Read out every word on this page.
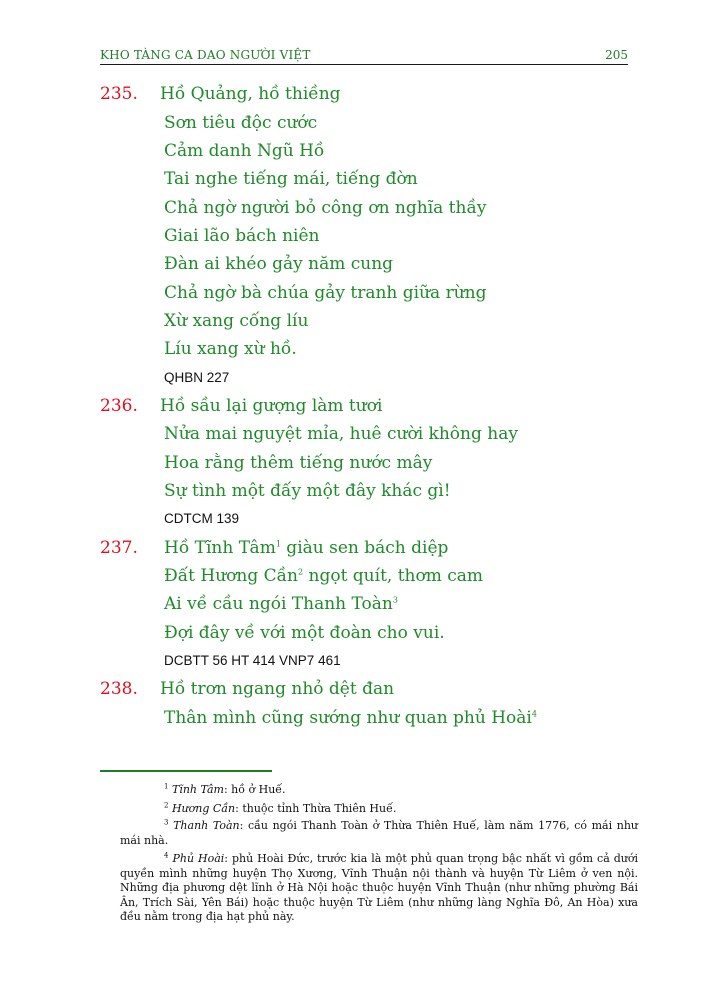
KHO TÀNG CA DAO NGƯỜI VIỆT	205
235.	Hồ Quảng, hồ thiềng
Sơn tiêu độc cước
Cảm danh Ngũ Hồ
Tai nghe tiếng mái, tiếng đờn
Chả ngờ người bỏ công ơn nghĩa thầy
Giai lão bách niên
Đàn ai khéo gảy năm cung
Chả ngờ bà chúa gảy tranh giữa rừng
Xừ xang cống líu
Líu xang xừ hồ.
QHBN 227
236.	Hồ sầu lại gượng làm tươi
Nửa mai nguyệt mỉa, huê cười không hay
Hoa rằng thêm tiếng nước mây
Sự tình một đấy một đây khác gì!
CDTCM 139
237.	Hồ Tĩnh Tâm$^1$ giàu sen bách diệp
Đất Hương Cần$^2$ ngọt quít, thơm cam
Ai về cầu ngói Thanh Toàn$^3$
Đợi đây về với một đoàn cho vui.
DCBTT 56 HT 414 VNP7 461
238.	Hồ trơn ngang nhỏ dệt đan
Thân mình cũng sướng như quan phủ Hoài$^4$
$^1$ Tĩnh Tâm: hồ ở Huế.
$^2$ Hương Cần: thuộc tỉnh Thừa Thiên Huế.
$^3$ Thanh Toàn: cầu ngói Thanh Toàn ở Thừa Thiên Huế, làm năm 1776, có mái như mái nhà.
$^4$ Phủ Hoài: phủ Hoài Đức, trước kia là một phủ quan trọng bậc nhất vì gồm cả dưới quyền mình những huyện Thọ Xương, Vĩnh Thuận nội thành và huyện Từ Liêm ở ven nội. Những địa phương dệt lĩnh ở Hà Nội hoặc thuộc huyện Vĩnh Thuận (như những phường Bái Ân, Trích Sài, Yên Bái) hoặc thuộc huyện Từ Liêm (như những làng Nghĩa Đô, An Hòa) xưa đều nằm trong địa hạt phủ này.
